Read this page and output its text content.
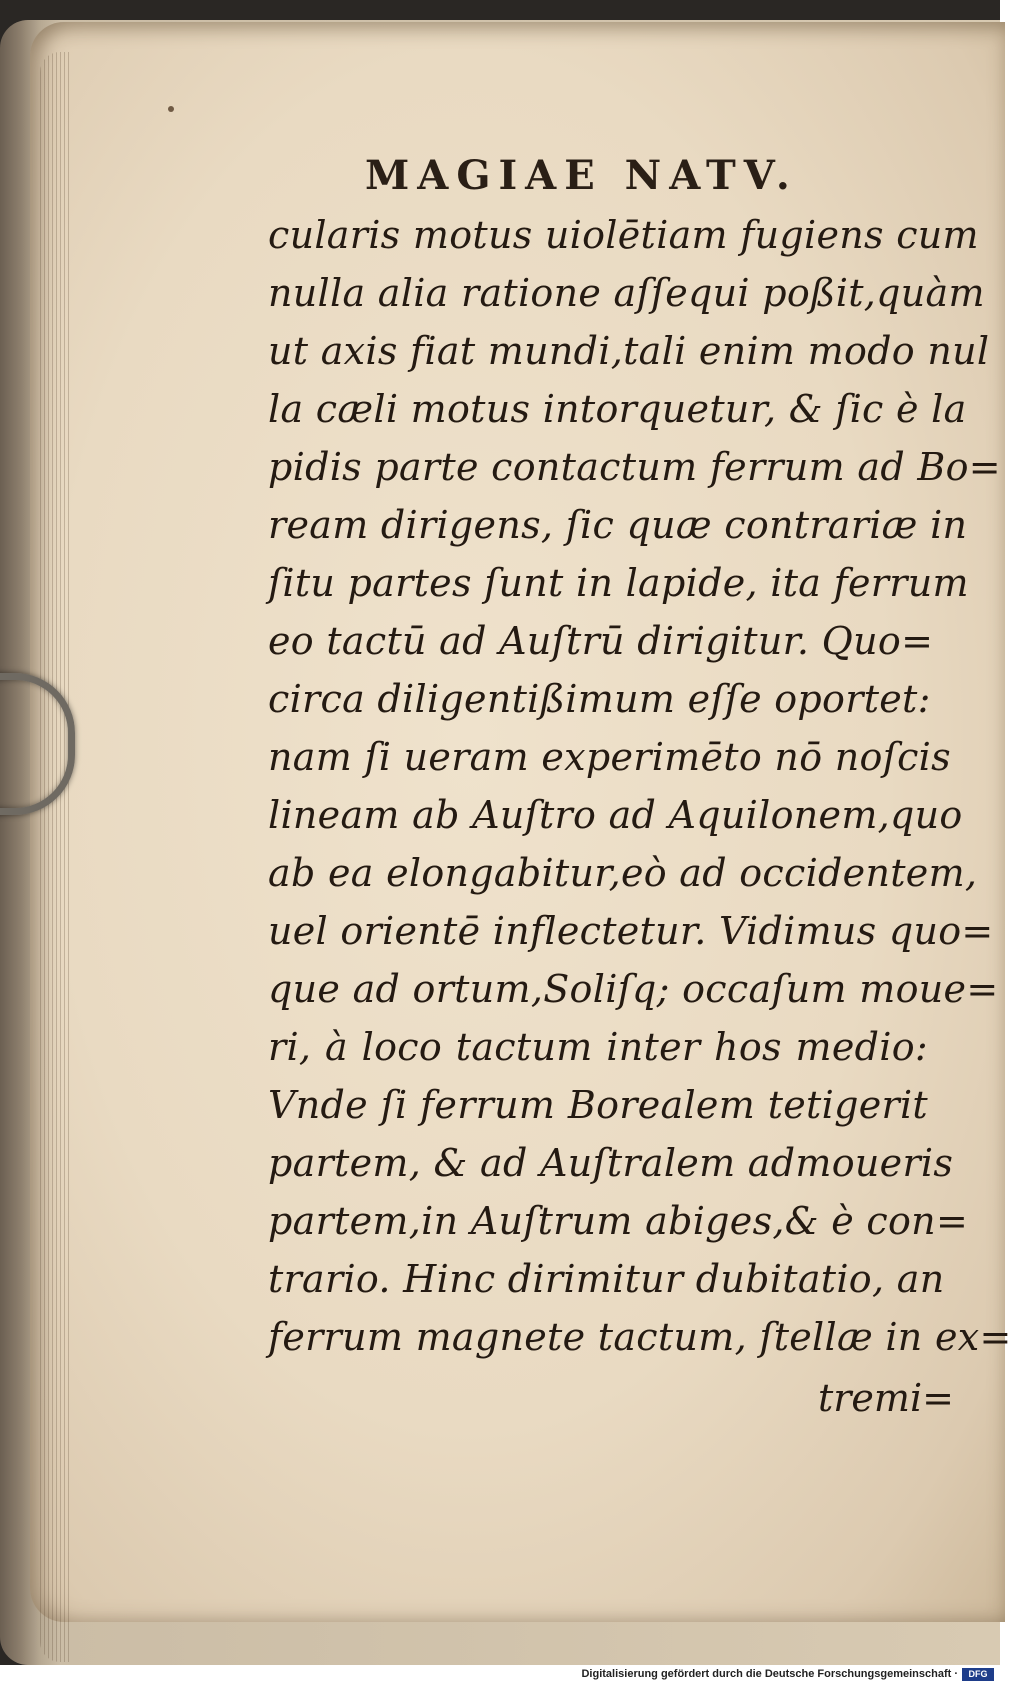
MAGIAE NATV.
cularis motus uiolētiam fugiens cum
nulla alia ratione aſſequi poßit,quàm
ut axis fiat mundi,tali enim modo nul
la cæli motus intorquetur, & ſic è la
pidis parte contactum ferrum ad Bo=
ream dirigens, ſic quæ contrariæ in
ſitu partes ſunt in lapide, ita ferrum
eo tactū ad Auſtrū dirigitur. Quo=
circa diligentißimum eſſe oportet:
nam ſi ueram experimēto nō noſcis
lineam ab Auſtro ad Aquilonem,quo
ab ea elongabitur,eò ad occidentem,
uel orientē inflectetur. Vidimus quo=
que ad ortum,Soliſq; occaſum moue=
ri, à loco tactum inter hos medio:
Vnde ſi ferrum Borealem tetigerit
partem, & ad Auſtralem admoueris
partem,in Auſtrum abiges,& è con=
trario. Hinc dirimitur dubitatio, an
ferrum magnete tactum, ſtellæ in ex=
tremi=
Digitalisierung gefördert durch die Deutsche Forschungsgemeinschaft ·	DFG
